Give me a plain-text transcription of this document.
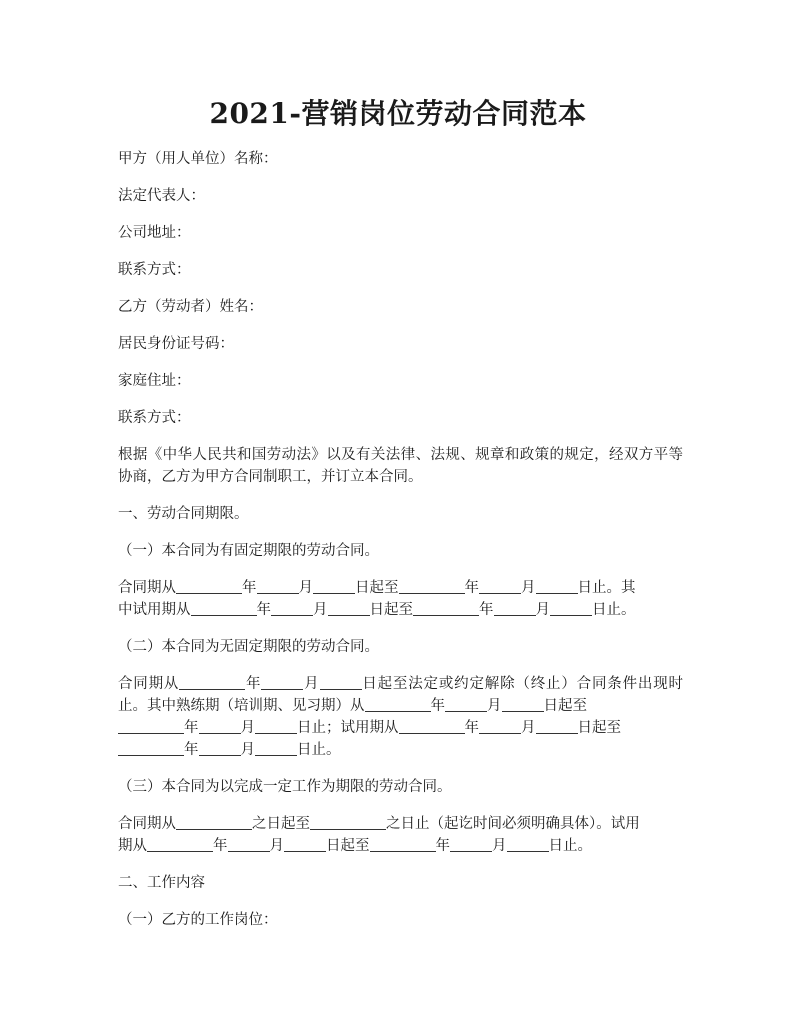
2021-营销岗位劳动合同范本

甲方（用人单位）名称：

法定代表人：

公司地址：

联系方式：

乙方（劳动者）姓名：

居民身份证号码：

家庭住址：

联系方式：

根据《中华人民共和国劳动法》以及有关法律、法规、规章和政策的规定，经双方平等协商，乙方为甲方合同制职工，并订立本合同。

一、劳动合同期限。

（一）本合同为有固定期限的劳动合同。

合同期从	年	月	日起至	年	月	日止。其
中试用期从	年	月	日起至	年	月	日止。

（二）本合同为无固定期限的劳动合同。

合同期从	年	月	日起至法定或约定解除（终止）合同条件出现时止。其中熟练期（培训期、见习期）从	年	月	日起至
年	月	日止；试用期从	年	月	日起至
年	月	日止。

（三）本合同为以完成一定工作为期限的劳动合同。

合同期从	之日起至	之日止（起讫时间必须明确具体）。试用
期从	年	月	日起至	年	月	日止。

二、工作内容

（一）乙方的工作岗位：
